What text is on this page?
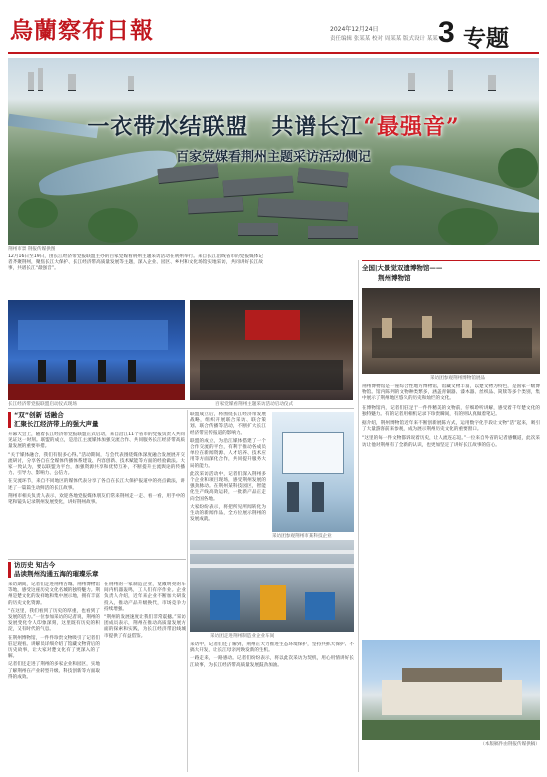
烏蘭察布日報	2024年12月24日
责任编辑 张某某 校对 周某某 版式设计 某某 3 专题
一衣带水结联盟　共谱长江“最强音”
百家党媒看荆州主题采访活动侧记
荆州市景 荆报传媒供图
12月16日至19日，由长江经济带党报联盟主办的百家党媒看荆州主题采访活动在荆州举行。来自长江沿线省市的党报媒体记者齐聚荆州，聚焦长江大保护、长江经济带高质量发展等主题，深入企业、园区、乡村和文化场馆实地采访，共同讲好长江故事，共谱长江“最强音”。
长江经济带党报联盟启动仪式现场	百家党媒看荆州主题采访活动启动仪式
全国|大景觉双遗博物馆——
荆州博物馆
采访团参观荆州博物馆展品

荆州博物馆是一座综合性地方博物馆，馆藏文物丰富，以楚文物为特色，是国家一级博物馆。馆内陈列的文物种类繁多，涵盖青铜器、漆木器、丝织品、简牍等多个类别，集中展示了荆州地区悠久的历史和灿烂的文化。

在博物馆内，记者们驻足于一件件精美的文物前，仔细聆听讲解，感受着千年楚文化的独特魅力。有的记者用相机记录下珍贵瞬间，有的则认真做着笔记。

据介绍，荆州博物馆近年来不断创新展陈方式，运用数字化手段让文物“活”起来，吸引了大量游客前来参观，成为展示荆州历史文化的重要窗口。

“这里的每一件文物都诉说着历史，让人流连忘返。”一位来自外省的记者感慨道，此次采访让他对荆州有了全新的认识，也更加坚定了讲好长江故事的信心。

（本版稿件由荆报传媒供稿）
“双”创新 话融合
汇聚长江经济带上的强大声量

开幕大会上，随着长江经济带党报联盟正式启动，来自沿江11个省市的党报负责人共同见证这一时刻。联盟的成立，是沿江主流媒体加强交流合作、共同服务长江经济带高质量发展的重要举措。

“关于媒体融合，我们有很多心得。”活动期间，与会代表围绕媒体深度融合发展展开交流研讨，分享各自在全媒体传播体系建设、内容创新、技术赋能等方面的经验做法。大家一致认为，要以联盟为平台，加强资源共享和优势互补，不断提升主流舆论的传播力、引导力、影响力、公信力。

在交流环节，来自不同地区的媒体代表分享了各自在长江大保护报道中的亮点做法，讲述了一篇篇生动鲜活的长江故事。

荆州市相关负责人表示，欢迎各地党报媒体朋友们常来荆州走一走、看一看，用手中的笔和镜头记录荆州发展变化，讲好荆州故事。

联盟成立后，将围绕长江经济带发展战略，组织开展联合采访、联合策划、联合传播等活动，不断扩大长江经济带宣传报道的影响力。

联盟的成立，为沿江媒体搭建了一个合作交流的平台，有利于推动各成员单位在新闻资源、人才培养、技术应用等方面深化合作，共同提升服务大局的能力。

此次采访活动中，记者们深入荆州多个企业和项目现场，感受荆州发展的强劲脉动。在荆州某科技园区，智能化生产线高效运转，一批新产品正走向全国各地。

大家纷纷表示，将把所见所闻转化为生动的新闻作品，全方位展示荆州的发展成就。

采访团参观荆州市某科技企业
访历史 知古今
品读荆州沟通五海的璀璨乐章

采访期间，记者们走进荆州古城、荆州博物馆等地，感受这座历史文化名城的独特魅力。荆州是楚文化的发祥地和集中展示地，拥有丰富的历史文化资源。

“在这里，我们看到了历史的厚重，也看到了发展的活力。”一位参加采访的记者说，荆州的发展变化令人印象深刻，这里既有历史的积淀，又有时代的气息。

在荆州博物馆，一件件珍贵文物吸引了记者们驻足观看。讲解员详细介绍了馆藏文物背后的历史故事，让大家对楚文化有了更深入的了解。

记者们还走进了荆州的多家企业和园区，实地了解荆州在产业转型升级、科技创新等方面取得的成效。

采访团走进荆州制造业企业车间

在荆州的一家制造企业，宽敞明亮的车间内机器轰鸣，工人们有序作业。企业负责人介绍，近年来企业不断加大研发投入，推动产品升级换代，市场竞争力持续增强。

“荆州的发展速度让我们非常震撼。”采访团成员表示，荆州在推动高质量发展方面的探索和实践，为长江经济带沿线城市提供了有益借鉴。

采访中，记者们还了解到，荆州正大力推进生态环境保护，坚持共抓大保护、不搞大开发，让长江母亲河焕发新的生机。

一路走来，一路感动。记者们纷纷表示，将以此次采访为契机，用心用情讲好长江故事，为长江经济带高质量发展鼓劲加油。
